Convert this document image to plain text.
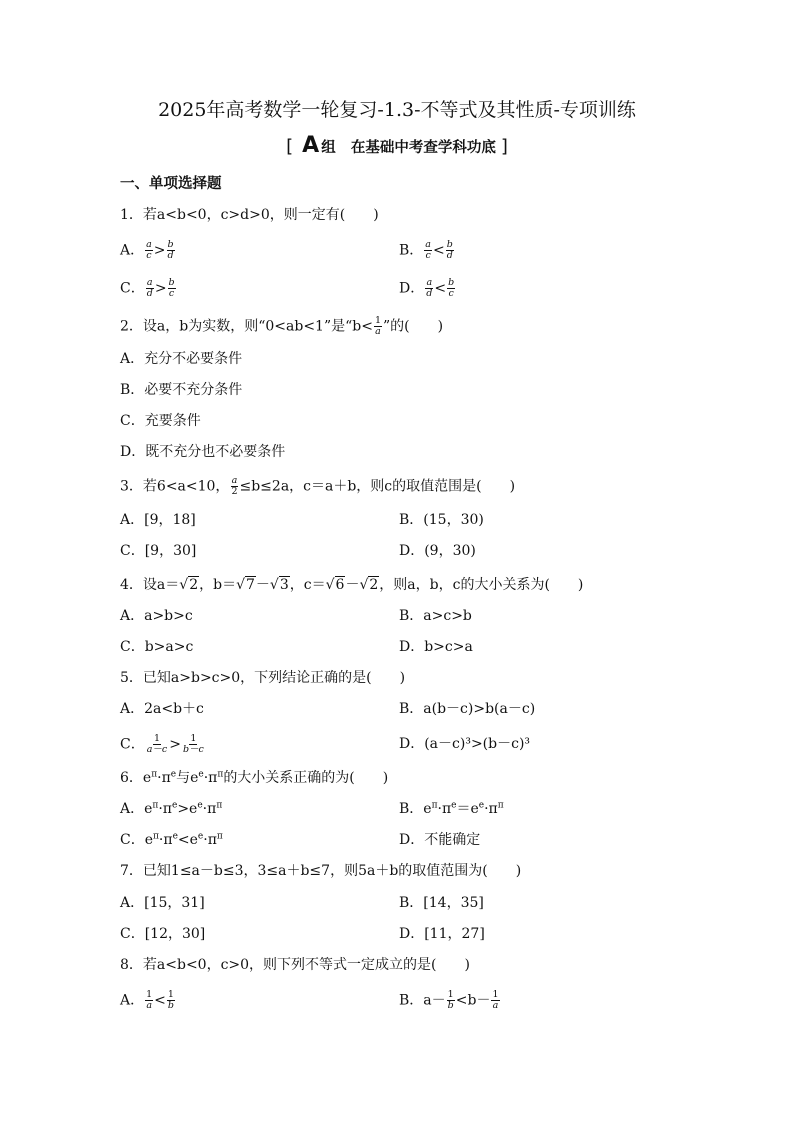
2025年高考数学一轮复习-1.3-不等式及其性质-专项训练
[ A 组 在基础中考查学科功底 ]
一、单项选择题
1．若a<b<0，c>d>0，则一定有(　　)
A． $\frac{a}{c} > \frac{b}{d}$	B． $\frac{a}{c} < \frac{b}{d}$
C． $\frac{a}{d} > \frac{b}{c}$	D． $\frac{a}{d} < \frac{b}{c}$
2．设a，b为实数，则“0<ab<1”是“$b< \frac{1}{a}$ ”的(　　)
A．充分不必要条件
B．必要不充分条件
C．充要条件
D．既不充分也不必要条件
3．若6<a<10， $\frac{a}{2} \le b\le 2a$，c＝a＋b，则c的取值范围是(　　)
A．[9，18]	B．(15，30)
C．[9，30]	D．(9，30)
4．设a＝√2，b＝√7－√3，c＝√6－√2，则a，b，c的大小关系为(　　)
A．a>b>c	B．a>c>b
C．b>a>c	D．b>c>a
5．已知a>b>c>0，下列结论正确的是(　　)
A．2a<b＋c	B．a(b－c)>b(a－c)
C． $\frac{1}{a-c} > \frac{1}{b-c}$	D．(a－c)³>(b－c)³
6．$e^\pi\cdot\pi^e$与$e^e\cdot\pi^\pi$的大小关系正确的为(　　)
A．$e^\pi\cdot\pi^e>e^e\cdot\pi^\pi$	B．$e^\pi\cdot\pi^e=e^e\cdot\pi^\pi$
C．$e^\pi\cdot\pi^e<e^e\cdot\pi^\pi$	D．不能确定
7．已知1≤a－b≤3，3≤a＋b≤7，则5a＋b的取值范围为(　　)
A．[15，31]	B．[14，35]
C．[12，30]	D．[11，27]
8．若a<b<0，c>0，则下列不等式一定成立的是(　　)
A． $\frac{1}{a} < \frac{1}{b}$	B．$a- \frac{1}{b} <b- \frac{1}{a}$
